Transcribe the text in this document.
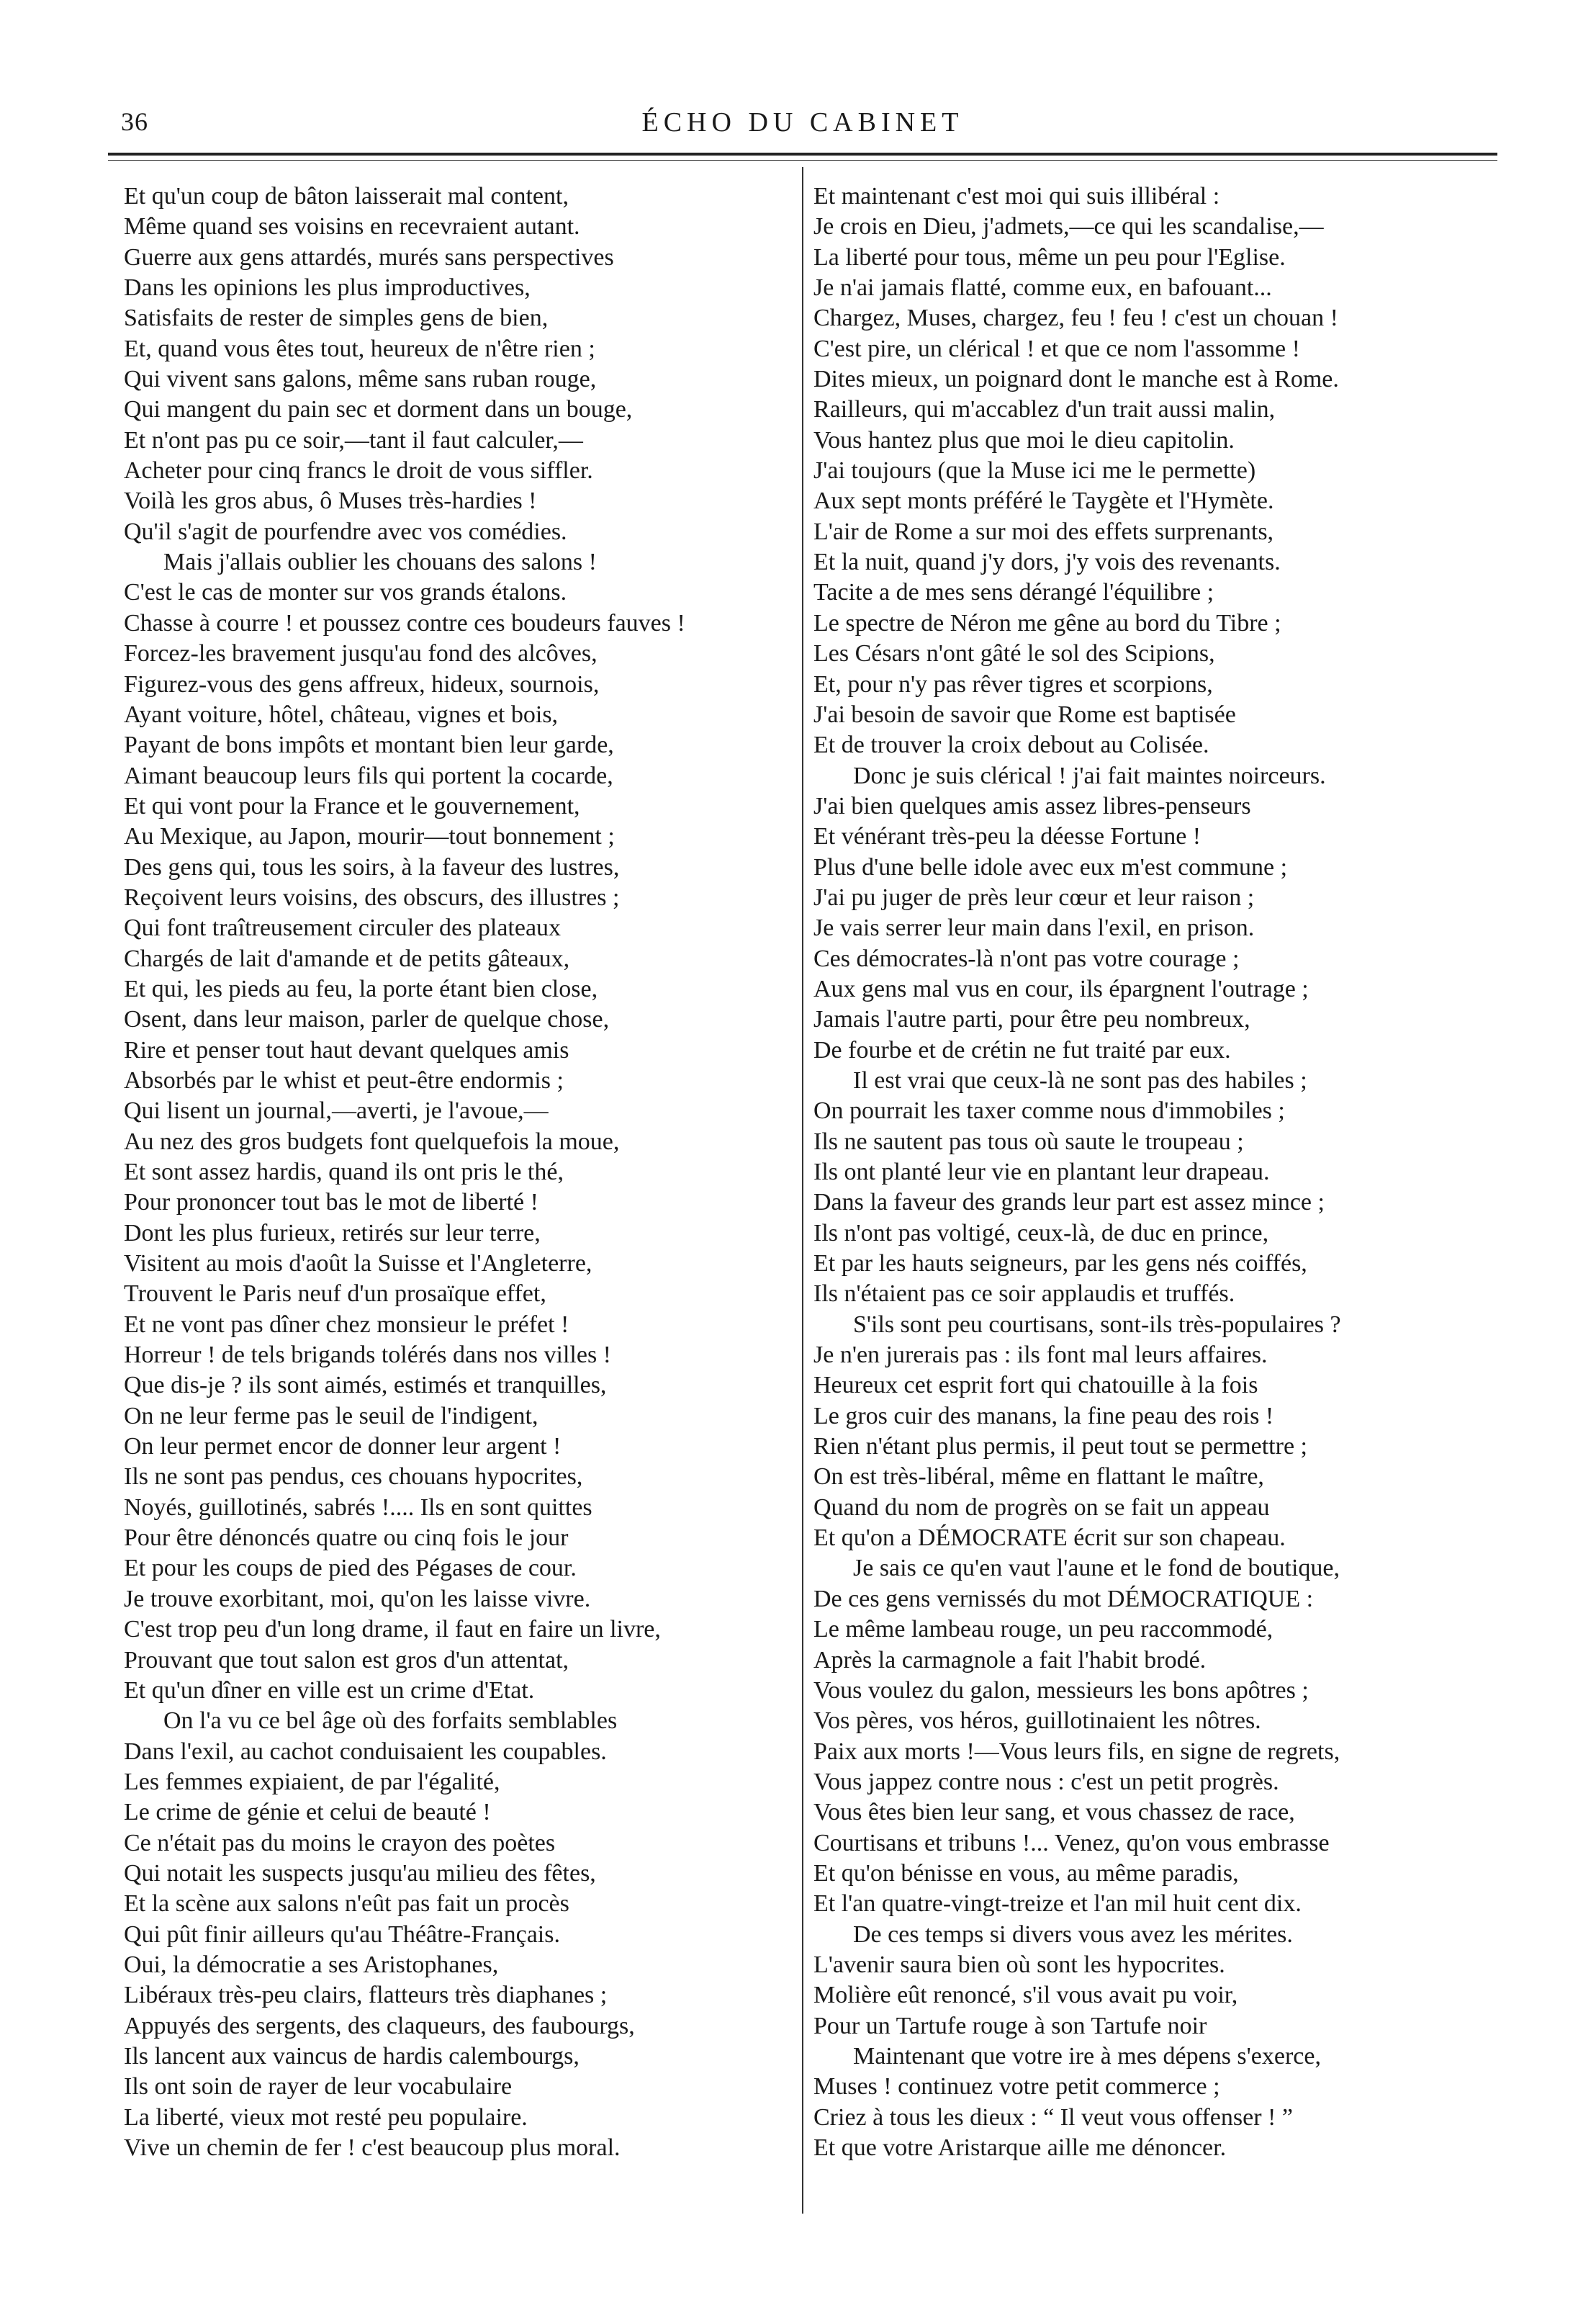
36	ÉCHO DU CABINET
Et qu'un coup de bâton laisserait mal content,
Même quand ses voisins en recevraient autant.
Guerre aux gens attardés, murés sans perspectives
Dans les opinions les plus improductives,
Satisfaits de rester de simples gens de bien,
Et, quand vous êtes tout, heureux de n'être rien ;
Qui vivent sans galons, même sans ruban rouge,
Qui mangent du pain sec et dorment dans un bouge,
Et n'ont pas pu ce soir,—tant il faut calculer,—
Acheter pour cinq francs le droit de vous siffler.
Voilà les gros abus, ô Muses très-hardies !
Qu'il s'agit de pourfendre avec vos comédies.
Mais j'allais oublier les chouans des salons !
C'est le cas de monter sur vos grands étalons.
Chasse à courre ! et poussez contre ces boudeurs fauves !
Forcez-les bravement jusqu'au fond des alcôves,
Figurez-vous des gens affreux, hideux, sournois,
Ayant voiture, hôtel, château, vignes et bois,
Payant de bons impôts et montant bien leur garde,
Aimant beaucoup leurs fils qui portent la cocarde,
Et qui vont pour la France et le gouvernement,
Au Mexique, au Japon, mourir—tout bonnement ;
Des gens qui, tous les soirs, à la faveur des lustres,
Reçoivent leurs voisins, des obscurs, des illustres ;
Qui font traîtreusement circuler des plateaux
Chargés de lait d'amande et de petits gâteaux,
Et qui, les pieds au feu, la porte étant bien close,
Osent, dans leur maison, parler de quelque chose,
Rire et penser tout haut devant quelques amis
Absorbés par le whist et peut-être endormis ;
Qui lisent un journal,—averti, je l'avoue,—
Au nez des gros budgets font quelquefois la moue,
Et sont assez hardis, quand ils ont pris le thé,
Pour prononcer tout bas le mot de liberté !
Dont les plus furieux, retirés sur leur terre,
Visitent au mois d'août la Suisse et l'Angleterre,
Trouvent le Paris neuf d'un prosaïque effet,
Et ne vont pas dîner chez monsieur le préfet !
Horreur ! de tels brigands tolérés dans nos villes !
Que dis-je ? ils sont aimés, estimés et tranquilles,
On ne leur ferme pas le seuil de l'indigent,
On leur permet encor de donner leur argent !
Ils ne sont pas pendus, ces chouans hypocrites,
Noyés, guillotinés, sabrés !.... Ils en sont quittes
Pour être dénoncés quatre ou cinq fois le jour
Et pour les coups de pied des Pégases de cour.
Je trouve exorbitant, moi, qu'on les laisse vivre.
C'est trop peu d'un long drame, il faut en faire un livre,
Prouvant que tout salon est gros d'un attentat,
Et qu'un dîner en ville est un crime d'Etat.
On l'a vu ce bel âge où des forfaits semblables
Dans l'exil, au cachot conduisaient les coupables.
Les femmes expiaient, de par l'égalité,
Le crime de génie et celui de beauté !
Ce n'était pas du moins le crayon des poètes
Qui notait les suspects jusqu'au milieu des fêtes,
Et la scène aux salons n'eût pas fait un procès
Qui pût finir ailleurs qu'au Théâtre-Français.
Oui, la démocratie a ses Aristophanes,
Libéraux très-peu clairs, flatteurs très diaphanes ;
Appuyés des sergents, des claqueurs, des faubourgs,
Ils lancent aux vaincus de hardis calembourgs,
Ils ont soin de rayer de leur vocabulaire
La liberté, vieux mot resté peu populaire.
Vive un chemin de fer ! c'est beaucoup plus moral.
Et maintenant c'est moi qui suis illibéral :
Je crois en Dieu, j'admets,—ce qui les scandalise,—
La liberté pour tous, même un peu pour l'Eglise.
Je n'ai jamais flatté, comme eux, en bafouant...
Chargez, Muses, chargez, feu ! feu ! c'est un chouan !
C'est pire, un clérical ! et que ce nom l'assomme !
Dites mieux, un poignard dont le manche est à Rome.
Railleurs, qui m'accablez d'un trait aussi malin,
Vous hantez plus que moi le dieu capitolin.
J'ai toujours (que la Muse ici me le permette)
Aux sept monts préféré le Taygète et l'Hymète.
L'air de Rome a sur moi des effets surprenants,
Et la nuit, quand j'y dors, j'y vois des revenants.
Tacite a de mes sens dérangé l'équilibre ;
Le spectre de Néron me gêne au bord du Tibre ;
Les Césars n'ont gâté le sol des Scipions,
Et, pour n'y pas rêver tigres et scorpions,
J'ai besoin de savoir que Rome est baptisée
Et de trouver la croix debout au Colisée.
Donc je suis clérical ! j'ai fait maintes noirceurs.
J'ai bien quelques amis assez libres-penseurs
Et vénérant très-peu la déesse Fortune !
Plus d'une belle idole avec eux m'est commune ;
J'ai pu juger de près leur cœur et leur raison ;
Je vais serrer leur main dans l'exil, en prison.
Ces démocrates-là n'ont pas votre courage ;
Aux gens mal vus en cour, ils épargnent l'outrage ;
Jamais l'autre parti, pour être peu nombreux,
De fourbe et de crétin ne fut traité par eux.
Il est vrai que ceux-là ne sont pas des habiles ;
On pourrait les taxer comme nous d'immobiles ;
Ils ne sautent pas tous où saute le troupeau ;
Ils ont planté leur vie en plantant leur drapeau.
Dans la faveur des grands leur part est assez mince ;
Ils n'ont pas voltigé, ceux-là, de duc en prince,
Et par les hauts seigneurs, par les gens nés coiffés,
Ils n'étaient pas ce soir applaudis et truffés.
S'ils sont peu courtisans, sont-ils très-populaires ?
Je n'en jurerais pas : ils font mal leurs affaires.
Heureux cet esprit fort qui chatouille à la fois
Le gros cuir des manans, la fine peau des rois !
Rien n'étant plus permis, il peut tout se permettre ;
On est très-libéral, même en flattant le maître,
Quand du nom de progrès on se fait un appeau
Et qu'on a DÉMOCRATE écrit sur son chapeau.
Je sais ce qu'en vaut l'aune et le fond de boutique,
De ces gens vernissés du mot DÉMOCRATIQUE :
Le même lambeau rouge, un peu raccommodé,
Après la carmagnole a fait l'habit brodé.
Vous voulez du galon, messieurs les bons apôtres ;
Vos pères, vos héros, guillotinaient les nôtres.
Paix aux morts !—Vous leurs fils, en signe de regrets,
Vous jappez contre nous : c'est un petit progrès.
Vous êtes bien leur sang, et vous chassez de race,
Courtisans et tribuns !... Venez, qu'on vous embrasse
Et qu'on bénisse en vous, au même paradis,
Et l'an quatre-vingt-treize et l'an mil huit cent dix.
De ces temps si divers vous avez les mérites.
L'avenir saura bien où sont les hypocrites.
Molière eût renoncé, s'il vous avait pu voir,
Pour un Tartufe rouge à son Tartufe noir
Maintenant que votre ire à mes dépens s'exerce,
Muses ! continuez votre petit commerce ;
Criez à tous les dieux : “ Il veut vous offenser ! ”
Et que votre Aristarque aille me dénoncer.
